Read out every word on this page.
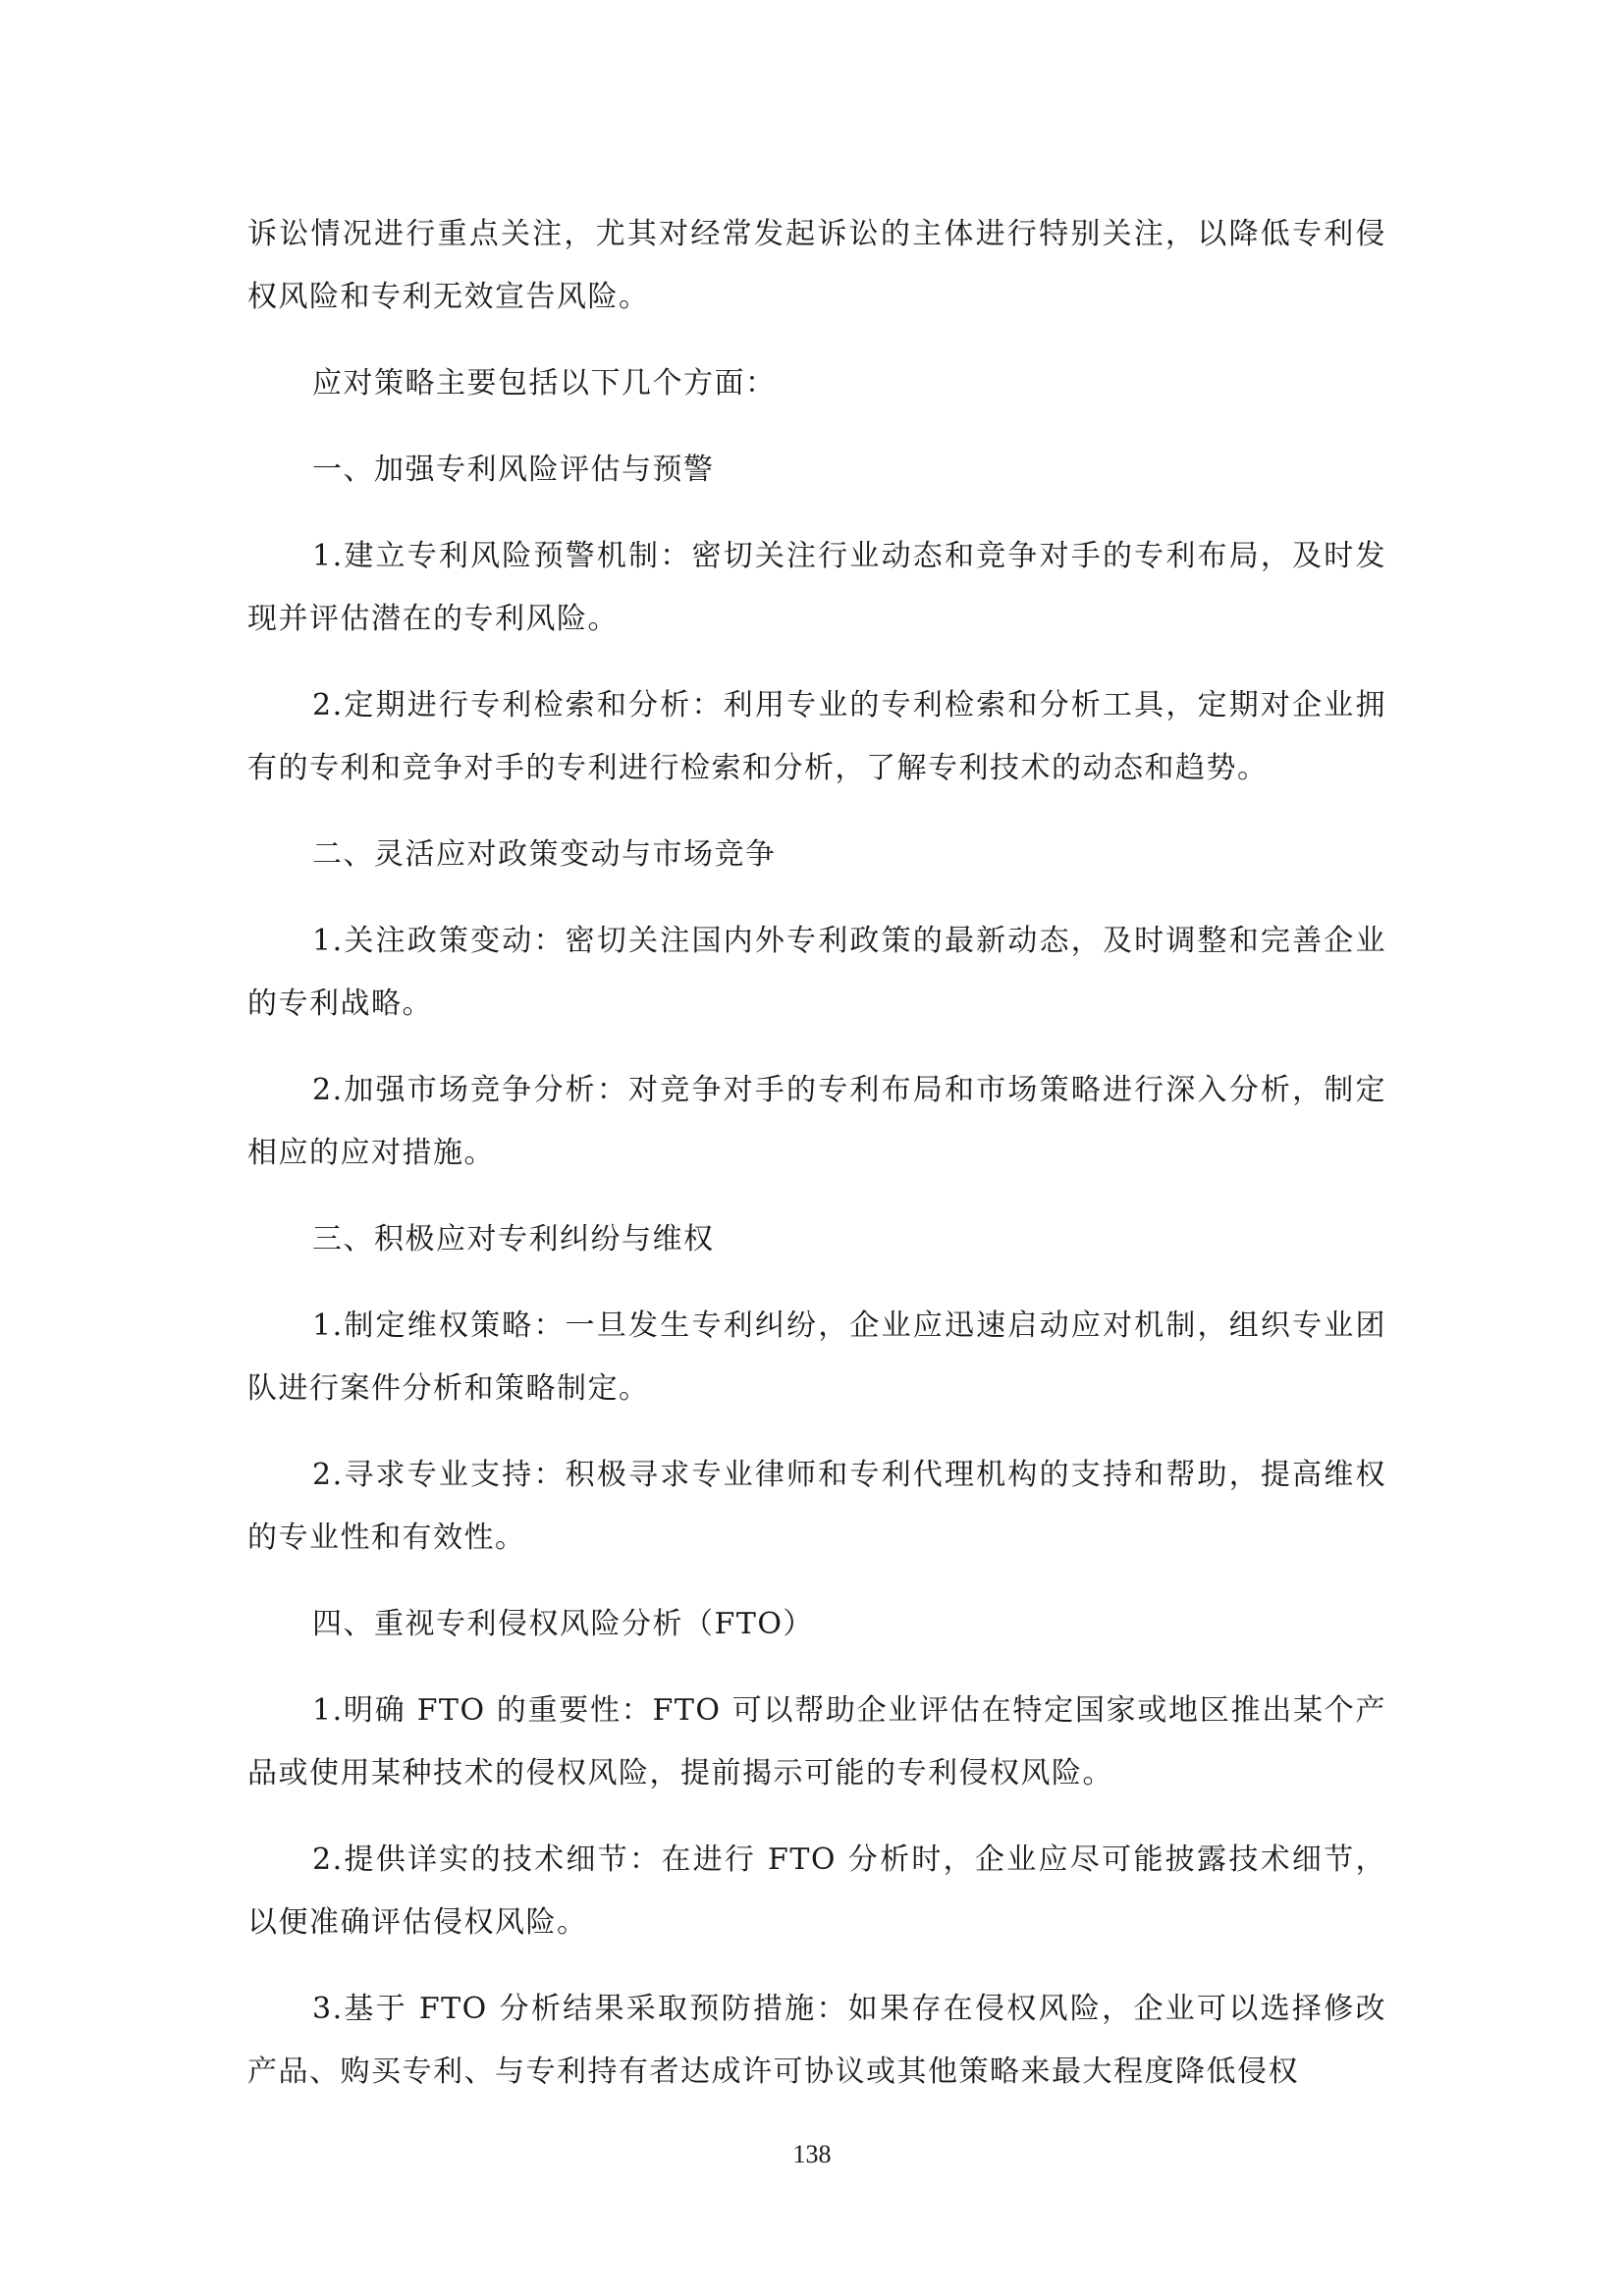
诉讼情况进行重点关注，尤其对经常发起诉讼的主体进行特别关注，以降低专利侵权风险和专利无效宣告风险。

应对策略主要包括以下几个方面：

一、加强专利风险评估与预警

1.建立专利风险预警机制：密切关注行业动态和竞争对手的专利布局，及时发现并评估潜在的专利风险。

2.定期进行专利检索和分析：利用专业的专利检索和分析工具，定期对企业拥有的专利和竞争对手的专利进行检索和分析，了解专利技术的动态和趋势。

二、灵活应对政策变动与市场竞争

1.关注政策变动：密切关注国内外专利政策的最新动态，及时调整和完善企业的专利战略。

2.加强市场竞争分析：对竞争对手的专利布局和市场策略进行深入分析，制定相应的应对措施。

三、积极应对专利纠纷与维权

1.制定维权策略：一旦发生专利纠纷，企业应迅速启动应对机制，组织专业团队进行案件分析和策略制定。

2.寻求专业支持：积极寻求专业律师和专利代理机构的支持和帮助，提高维权的专业性和有效性。

四、重视专利侵权风险分析（FTO）

1.明确 FTO 的重要性：FTO 可以帮助企业评估在特定国家或地区推出某个产品或使用某种技术的侵权风险，提前揭示可能的专利侵权风险。

2.提供详实的技术细节：在进行 FTO 分析时，企业应尽可能披露技术细节，以便准确评估侵权风险。

3.基于 FTO 分析结果采取预防措施：如果存在侵权风险，企业可以选择修改产品、购买专利、与专利持有者达成许可协议或其他策略来最大程度降低侵权

138
